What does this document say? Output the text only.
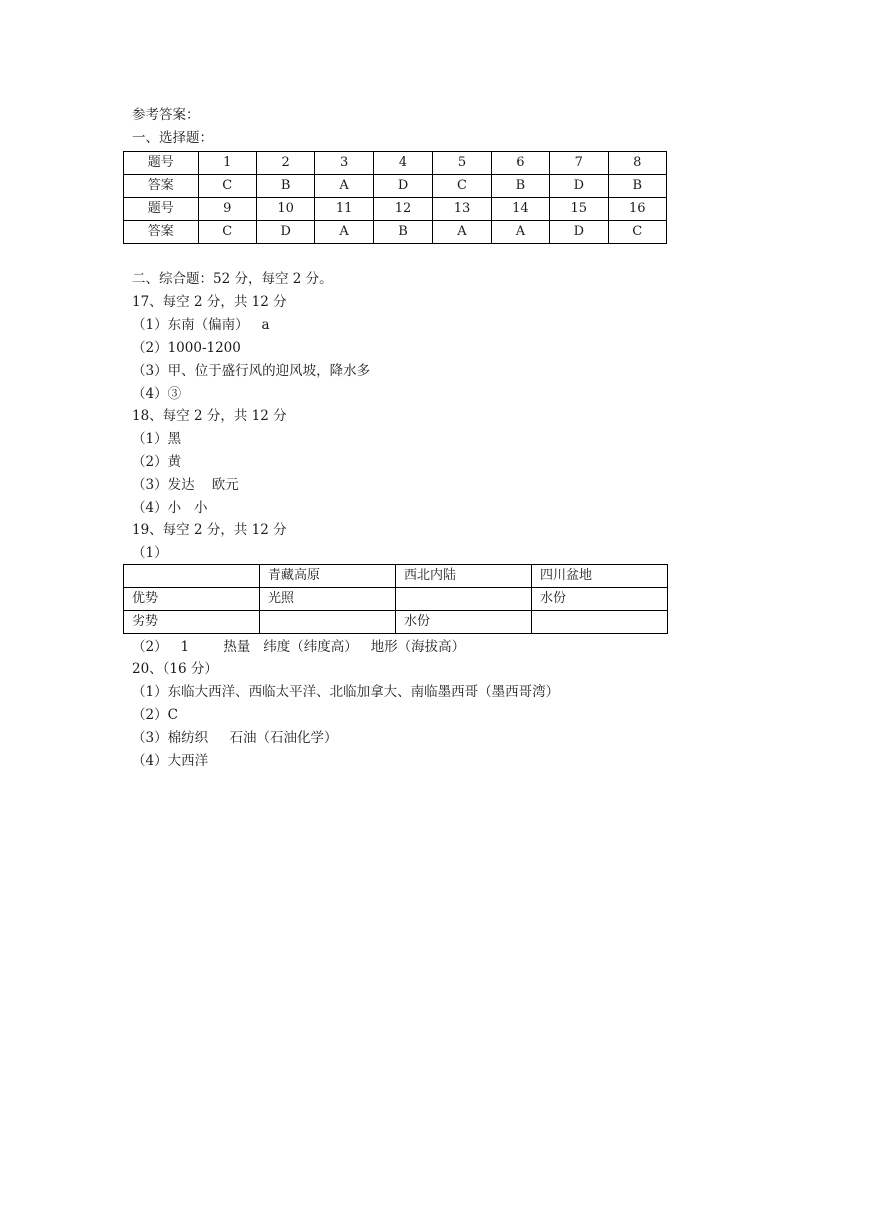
参考答案：
一、选择题：
题号	1	2	3	4	5	6	7	8
答案	C	B	A	D	C	B	D	B
题号	9	10	11	12	13	14	15	16
答案	C	D	A	B	A	A	D	C
二、综合题：52 分，每空 2 分。
17、每空 2 分，共 12 分
（1）东南（偏南）   a
（2）1000-1200
（3）甲、位于盛行风的迎风坡，降水多
（4）③
18、每空 2 分，共 12 分
（1）黑
（2）黄
（3）发达    欧元
（4）小   小
19、每空 2 分，共 12 分
（1）
	青藏高原	西北内陆	四川盆地
优势	光照		水份
劣势		水份	
（2）   1        热量   纬度（纬度高）   地形（海拔高）
20、（16 分）
（1）东临大西洋、西临太平洋、北临加拿大、南临墨西哥（墨西哥湾）
（2）C
（3）棉纺织     石油（石油化学）
（4）大西洋
